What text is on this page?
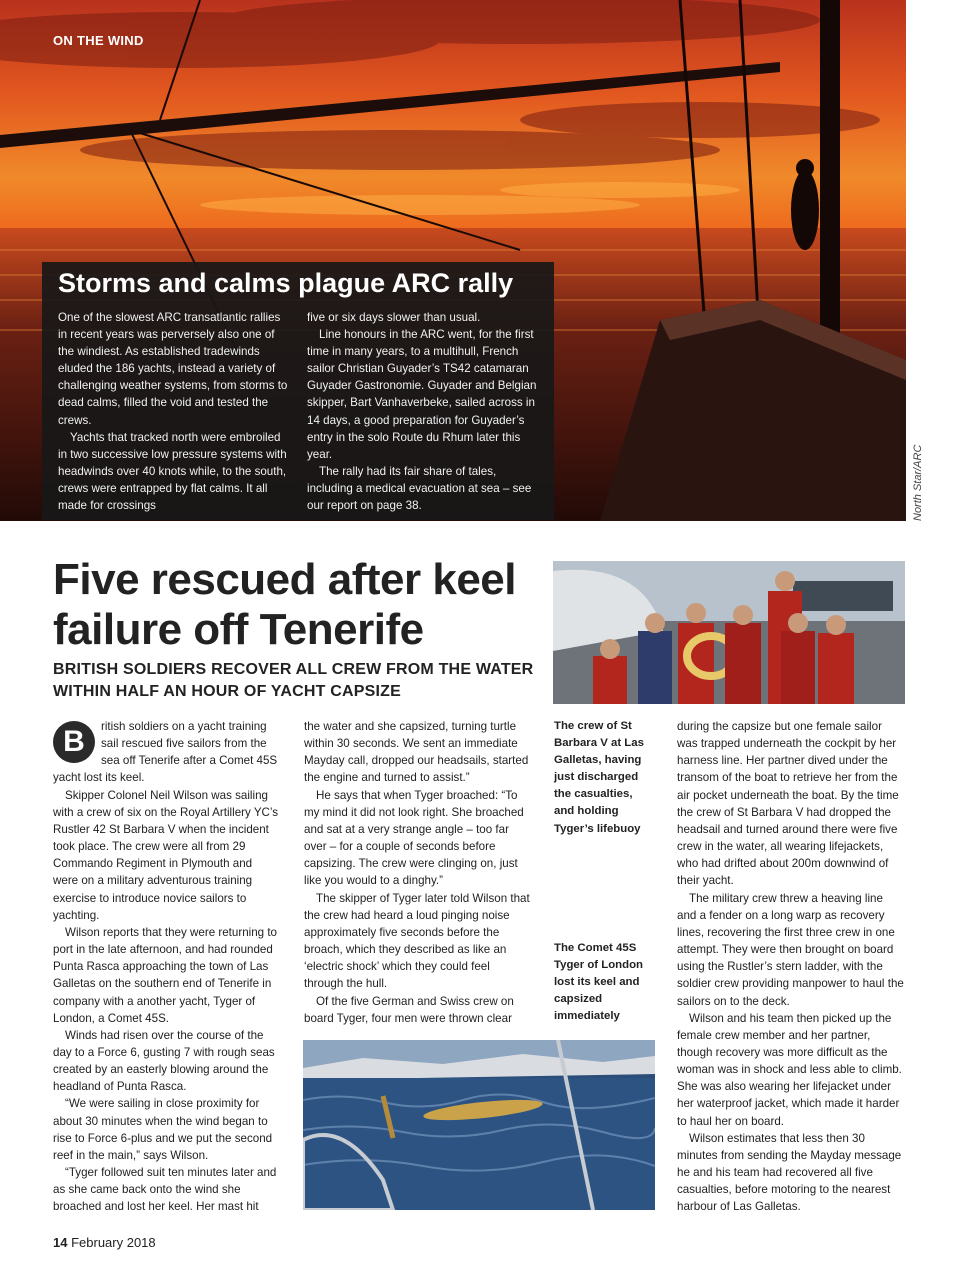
ON THE WIND
Storms and calms plague ARC rally

One of the slowest ARC transatlantic rallies in recent years was perversely also one of the windiest. As established tradewinds eluded the 186 yachts, instead a variety of challenging weather systems, from storms to dead calms, filled the void and tested the crews.

Yachts that tracked north were embroiled in two successive low pressure systems with headwinds over 40 knots while, to the south, crews were entrapped by flat calms. It all made for crossings

five or six days slower than usual.

Line honours in the ARC went, for the first time in many years, to a multihull, French sailor Christian Guyader’s TS42 catamaran Guyader Gastronomie. Guyader and Belgian skipper, Bart Vanhaverbeke, sailed across in 14 days, a good preparation for Guyader’s entry in the solo Route du Rhum later this year.

The rally had its fair share of tales, including a medical evacuation at sea – see our report on page 38.	North Star/ARC
Five rescued after keel failure off Tenerife

BRITISH SOLDIERS RECOVER ALL CREW FROM THE WATER WITHIN HALF AN HOUR OF YACHT CAPSIZE

B	ritish soldiers on a yacht training sail rescued five sailors from the sea off Tenerife after a Comet 45S yacht lost its keel.

Skipper Colonel Neil Wilson was sailing with a crew of six on the Royal Artillery YC’s Rustler 42 St Barbara V when the incident took place. The crew were all from 29 Commando Regiment in Plymouth and were on a military adventurous training exercise to introduce novice sailors to yachting.

Wilson reports that they were returning to port in the late afternoon, and had rounded Punta Rasca approaching the town of Las Galletas on the southern end of Tenerife in company with a another yacht, Tyger of London, a Comet 45S.

Winds had risen over the course of the day to a Force 6, gusting 7 with rough seas created by an easterly blowing around the headland of Punta Rasca.

“We were sailing in close proximity for about 30 minutes when the wind began to rise to Force 6-plus and we put the second reef in the main,” says Wilson.

“Tyger followed suit ten minutes later and as she came back onto the wind she broached and lost her keel. Her mast hit

the water and she capsized, turning turtle within 30 seconds. We sent an immediate Mayday call, dropped our headsails, started the engine and turned to assist.”

He says that when Tyger broached: “To my mind it did not look right. She broached and sat at a very strange angle – too far over – for a couple of seconds before capsizing. The crew were clinging on, just like you would to a dinghy.”

The skipper of Tyger later told Wilson that the crew had heard a loud pinging noise approximately five seconds before the broach, which they described as like an ‘electric shock’ which they could feel through the hull.

Of the five German and Swiss crew on board Tyger, four men were thrown clear

The crew of St Barbara V at Las Galletas, having just discharged the casualties, and holding Tyger’s lifebuoy
The Comet 45S Tyger of London lost its keel and capsized immediately

during the capsize but one female sailor was trapped underneath the cockpit by her harness line. Her partner dived under the transom of the boat to retrieve her from the air pocket underneath the boat. By the time the crew of St Barbara V had dropped the headsail and turned around there were five crew in the water, all wearing lifejackets, who had drifted about 200m downwind of their yacht.

The military crew threw a heaving line and a fender on a long warp as recovery lines, recovering the first three crew in one attempt. They were then brought on board using the Rustler’s stern ladder, with the soldier crew providing manpower to haul the sailors on to the deck.

Wilson and his team then picked up the female crew member and her partner, though recovery was more difficult as the woman was in shock and less able to climb. She was also wearing her lifejacket under her waterproof jacket, which made it harder to haul her on board.

Wilson estimates that less then 30 minutes from sending the Mayday message he and his team had recovered all five casualties, before motoring to the nearest harbour of Las Galletas.

14 February 2018
